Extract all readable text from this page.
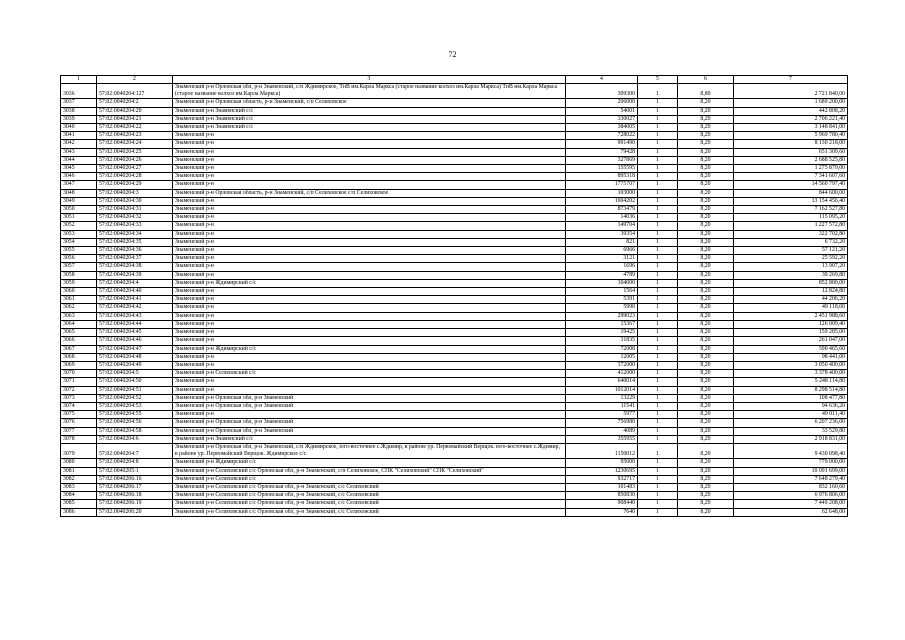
72
1	2	3	4	5	6	7
3036	57:02:0040204:127	Знаменский р-н Орловская обл, р-н Знаменский, с/п Ждимирское, ТнВ им.Карла Маркса (старое название колхоз им.Карла Маркса) ТнВ им.Карла Маркса (старое название колхоз им.Карла Маркса)	309300	1	8,80	2 721 840,00
3037	57:02:0040204:2	Знаменский р-н Орловская область, р-н Знаменский, с/п Селиховское	206000	1	8,20	1 689 200,00
3038	57:02:0040204:20	Знаменский р-н Знаменский с/с	54001	1	8,20	442 808,20
3039	57:02:0040204:21	Знаменский р-н Знаменский с/с	330027	1	8,20	2 706 221,40
3040	57:02:0040204:22	Знаменский р-н Знаменский с/с	384005	1	8,20	3 148 841,00
3041	57:02:0040204:23	Знаменский р-н	728022	1	8,20	5 969 780,40
3042	57:02:0040204:24	Знаменский р-н	991490	1	8,20	8 130 218,00
3043	57:02:0040204:25	Знаменский р-н	79428	1	8,20	651 309,60
3044	57:02:0040204:26	Знаменский р-н	327869	1	8,20	2 688 525,80
3045	57:02:0040204:27	Знаменский р-н	155595	1	8,20	1 275 879,00
3046	57:02:0040204:28	Знаменский р-н	895318	1	8,20	7 341 607,60
3047	57:02:0040204:29	Знаменский р-н	1775707	1	8,20	14 560 797,40
3048	57:02:0040204:3	Знаменский р-н Орловская область, р-н Знаменский, с/п Селиховское с/п Селиховское	103000	1	8,20	844 600,00
3049	57:02:0040204:30	Знаменский р-н	1604202	1	8,20	13 154 456,40
3050	57:02:0040204:31	Знаменский р-н	873479	1	8,20	7 162 527,80
3051	57:02:0040204:32	Знаменский р-н	14036	1	8,20	115 095,20
3052	57:02:0040204:33	Знаменский р-н	149704	1	8,20	1 227 572,80
3053	57:02:0040204:34	Знаменский р-н	39354	1	8,20	322 702,80
3054	57:02:0040204:35	Знаменский р-н	821	1	8,20	6 732,20
3055	57:02:0040204:36	Знаменский р-н	6966	1	8,20	57 121,20
3056	57:02:0040204:37	Знаменский р-н	3121	1	8,20	25 592,20
3057	57:02:0040204:38	Знаменский р-н	1696	1	8,20	13 907,20
3058	57:02:0040204:39	Знаменский р-н	4789	1	8,20	39 269,80
3059	57:02:0040204:4	Знаменский р-н Ждимирский с/с	104000	1	8,20	852 800,00
3060	57:02:0040204:40	Знаменский р-н	1564	1	8,20	12 824,80
3061	57:02:0040204:41	Знаменский р-н	5391	1	8,20	44 206,20
3062	57:02:0040204:42	Знаменский р-н	5990	1	8,20	49 118,00
3063	57:02:0040204:43	Знаменский р-н	299023	1	8,20	2 451 988,60
3064	57:02:0040204:44	Знаменский р-н	15367	1	8,20	126 009,40
3065	57:02:0040204:45	Знаменский р-н	19425	1	8,20	159 285,00
3066	57:02:0040204:46	Знаменский р-н	31835	1	8,20	261 047,00
3067	57:02:0040204:47	Знаменский р-н Ждимирский с/с	72008	1	8,20	590 465,60
3068	57:02:0040204:48	Знаменский р-н	12005	1	8,20	98 441,00
3069	57:02:0040204:49	Знаменский р-н	372000	1	8,20	3 050 400,00
3070	57:02:0040204:5	Знаменский р-н Селиховский с/с	412000	1	8,20	3 378 400,00
3071	57:02:0040204:50	Знаменский р-н	640014	1	8,20	5 248 114,80
3072	57:02:0040204:51	Знаменский р-н	1012014	1	8,20	8 298 514,80
3073	57:02:0040204:52	Знаменский р-н Орловская обл, р-н Знаменский	13229	1	8,20	108 477,80
3074	57:02:0040204:53	Знаменский р-н Орловская обл, р-н Знаменский	11541	1	8,20	94 636,20
3075	57:02:0040204:55	Знаменский р-н	5977	1	8,20	49 011,40
3076	57:02:0040204:56	Знаменский р-н Орловская обл, р-н Знаменский	756980	1	8,20	6 207 236,00
3077	57:02:0040204:58	Знаменский р-н Орловская обл, р-н Знаменский	4089	1	8,20	33 529,80
3078	57:02:0040204:6	Знаменский р-н Знаменский с/с	355955	1	8,20	2 918 831,00
3079	57:02:0040204:7	Знаменский р-н Орловская обл, р-н Знаменский, с/п Ждимирское, юго-восточнее с.Ждимир, в районе ур. Первомайский Верщок. юго-восточнее с.Ждимир, в районе ур. Первомайский Верщок. Ждимирское с/с	1150012	1	8,20	9 430 098,40
3080	57:02:0040204:8	Знаменский р-н Ждимирский с/с	95000	1	8,20	779 000,00
3081	57:02:0040205:1	Знаменский р-н Селиховский с/с Орловская обл, р-н Знаменский, с/п Селиховское, СПК "Селиховский" СПК "Селиховский"	1230695	1	8,20	10 091 699,00
3082	57:02:0040206:16	Знаменский р-н Селиховский с/с	932717	1	8,20	7 648 279,40
3083	57:02:0040206:17	Знаменский р-н Селиховский с/с Орловская обл, р-н Знаменский, с/с Селиховский	101483	1	8,20	832 160,60
3084	57:02:0040206:18	Знаменский р-н Селиховский с/с Орловская обл, р-н Знаменский, с/с Селиховский	850830	1	8,20	6 976 806,00
3085	57:02:0040206:19	Знаменский р-н Селиховский с/с Орловская обл, р-н Знаменский, с/с Селиховский	908440	1	8,20	7 449 208,00
3086	57:02:0040206:20	Знаменский р-н Селиховский с/с Орловская обл, р-н Знаменский, с/с Селиховский	7640	1	8,20	62 648,00
